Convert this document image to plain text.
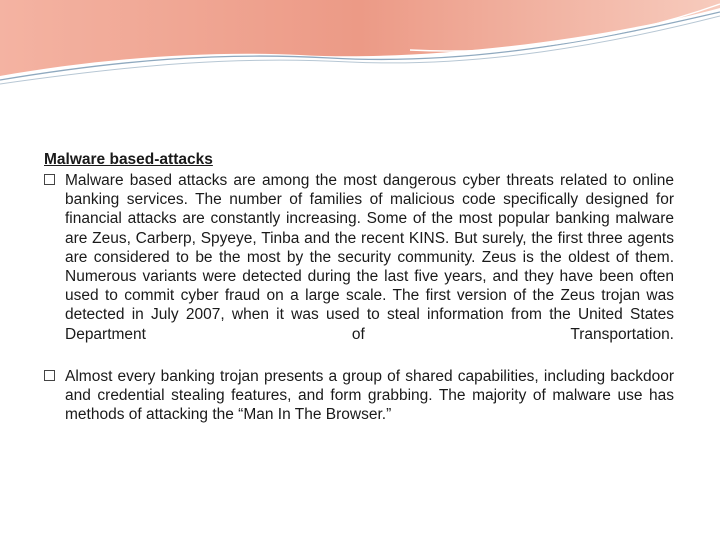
Malware based-attacks

Malware based attacks are among the most dangerous cyber threats related to online banking services. The number of families of malicious code specifically designed for financial attacks are constantly increasing. Some of the most popular banking malware are Zeus, Carberp, Spyeye, Tinba and the recent KINS. But surely, the first three agents are considered to be the most by the security community. Zeus is the oldest of them. Numerous variants were detected during the last five years, and they have been often used to commit cyber fraud on a large scale. The first version of the Zeus trojan was detected in July 2007, when it was used to steal information from the United States Department of Transportation.
Almost every banking trojan presents a group of shared capabilities, including backdoor and credential stealing features, and form grabbing. The majority of malware use has methods of attacking the “Man In The Browser.”
